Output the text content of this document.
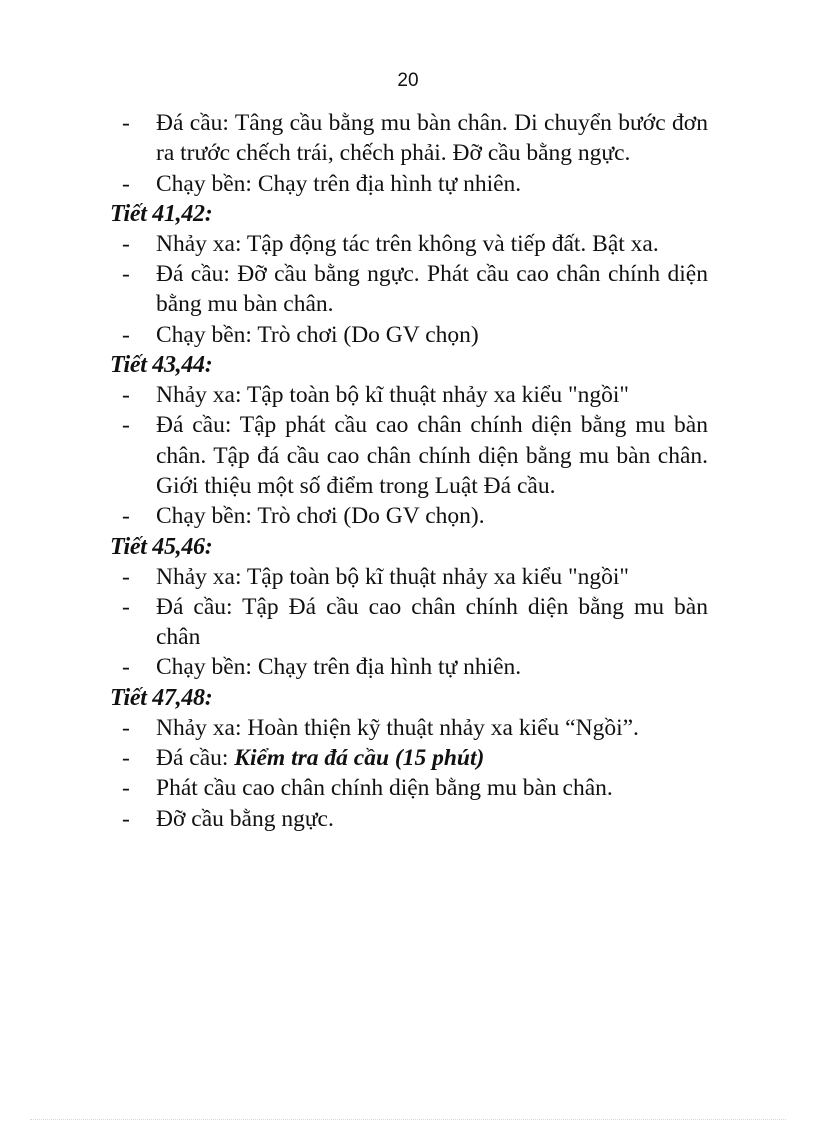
20
- Đá cầu: Tâng cầu bằng mu bàn chân. Di chuyển bước đơn ra trước chếch trái, chếch phải. Đỡ cầu bằng ngực.
- Chạy bền: Chạy trên địa hình tự nhiên.
Tiết 41,42:
- Nhảy xa: Tập động tác trên không và tiếp đất. Bật xa.
- Đá cầu: Đỡ cầu bằng ngực. Phát cầu cao chân chính diện bằng mu bàn chân.
- Chạy bền: Trò chơi (Do GV chọn)
Tiết 43,44:
- Nhảy xa: Tập toàn bộ kĩ thuật nhảy xa kiểu "ngồi"
- Đá cầu: Tập phát cầu cao chân chính diện bằng mu bàn chân. Tập đá cầu cao chân chính diện bằng mu bàn chân. Giới thiệu một số điểm trong Luật Đá cầu.
- Chạy bền: Trò chơi (Do GV chọn).
Tiết 45,46:
- Nhảy xa: Tập toàn bộ kĩ thuật nhảy xa kiểu "ngồi"
- Đá cầu: Tập Đá cầu cao chân chính diện bằng mu bàn chân
- Chạy bền: Chạy trên địa hình tự nhiên.
Tiết 47,48:
- Nhảy xa: Hoàn thiện kỹ thuật nhảy xa kiểu “Ngồi”.
- Đá cầu: Kiểm tra đá cầu (15 phút)
- Phát cầu cao chân chính diện bằng mu bàn chân.
- Đỡ cầu bằng ngực.
